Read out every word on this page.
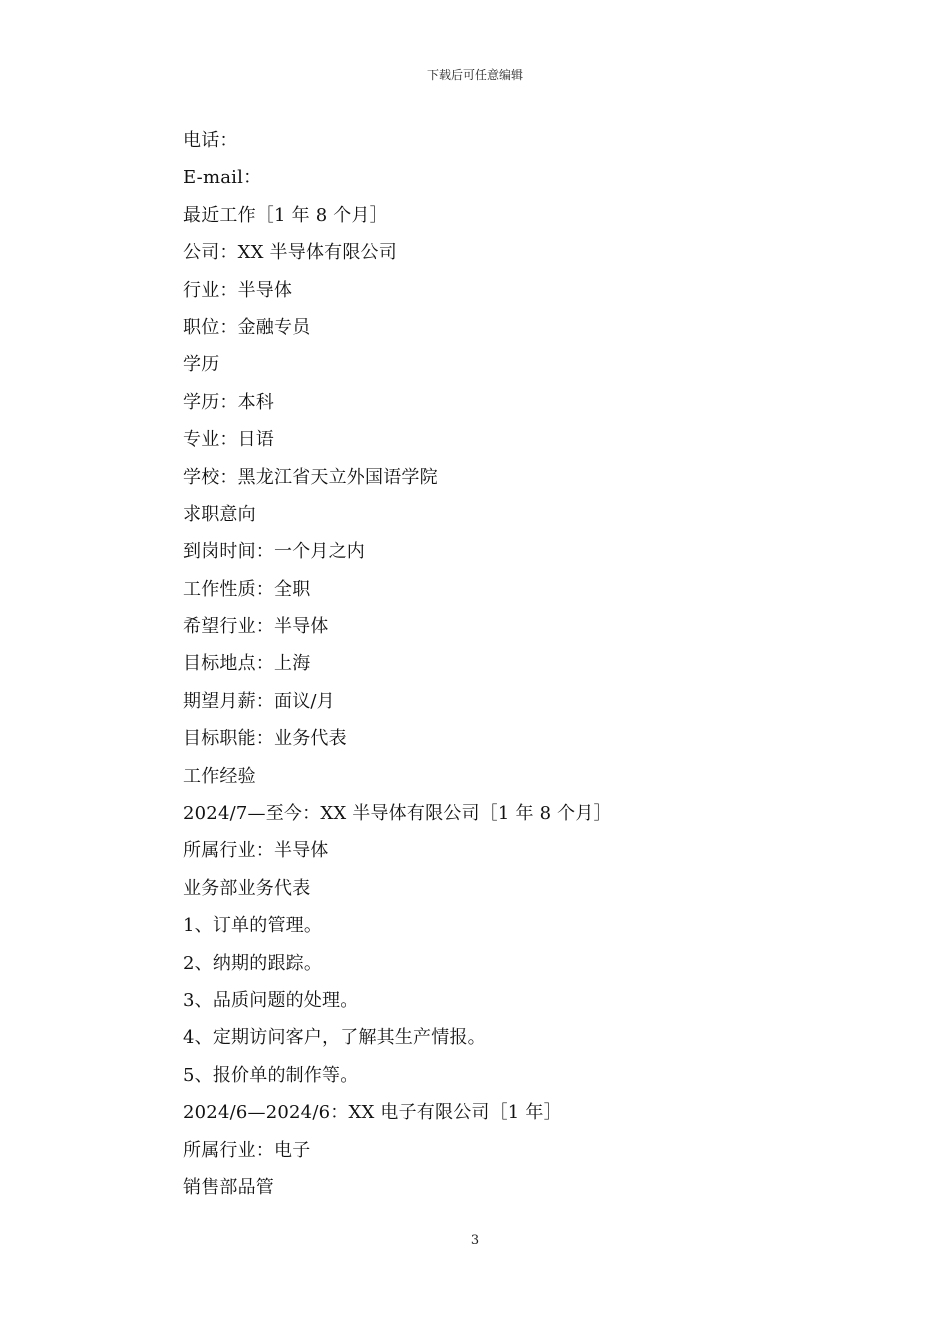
下载后可任意编辑
电话：
E-mail：
最近工作［1 年 8 个月］
公司：XX 半导体有限公司
行业：半导体
职位：金融专员
学历
学历：本科
专业：日语
学校：黑龙江省天立外国语学院
求职意向
到岗时间：一个月之内
工作性质：全职
希望行业：半导体
目标地点：上海
期望月薪：面议/月
目标职能：业务代表
工作经验
2024/7—至今：XX 半导体有限公司［1 年 8 个月］
所属行业：半导体
业务部业务代表
1、订单的管理。
2、纳期的跟踪。
3、品质问题的处理。
4、定期访问客户，了解其生产情报。
5、报价单的制作等。
2024/6—2024/6：XX 电子有限公司［1 年］
所属行业：电子
销售部品管
3
